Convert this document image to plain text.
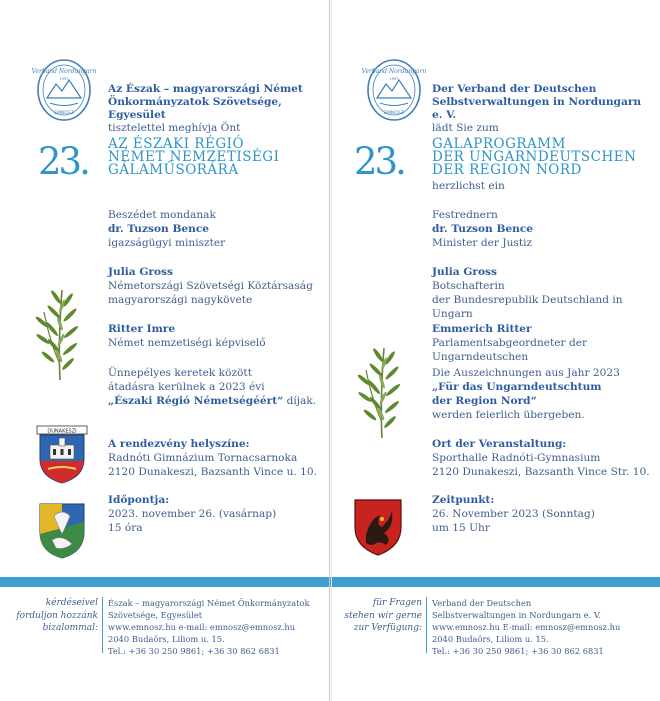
Verband Nordungarn
1997
EMNOSZ
Az Észak – magyarországi Német Önkormányzatok Szövetsége, Egyesület
tisztelettel meghívja Önt
23. AZ ÉSZAKI RÉGIÓ
NÉMET NEMZETISÉGI
GÁLAMŰSORÁRA
Beszédet mondanak
dr. Tuzson Bence
igazságügyi miniszter
Julia Gross
Németországi Szövetségi Köztársaság
magyarországi nagykövete
Ritter Imre
Német nemzetiségi képviselő
Ünnepélyes keretek között
átadásra kerülnek a 2023 évi
„Északi Régió Németségéért“ díjak.
DUNAKESZI
A rendezvény helyszíne:
Radnóti Gimnázium Tornacsarnoka
2120 Dunakeszi, Bazsanth Vince u. 10.
Időpontja:
2023. november 26. (vasárnap)
15 óra
kérdéseivel
forduljon hozzánk
bizalommal:
Észak – magyarországi Német Önkormányzatok
Szövetsége, Egyesület
www.emnosz.hu e-mail: emnosz@emnosz.hu
2040 Budaörs, Liliom u. 15.
Tel.: +36 30 250 9861; +36 30 862 6831
Verband Nordungarn
1997
EMNOSZ
Der Verband der Deutschen Selbstverwaltungen in Nordungarn e. V.
lädt Sie zum
23. GALAPROGRAMM
DER UNGARNDEUTSCHEN
DER REGION NORD
herzlichst ein
Festrednern
dr. Tuzson Bence
Minister der Justiz
Julia Gross
Botschafterin
der Bundesrepublik Deutschland in Ungarn
Emmerich Ritter
Parlamentsabgeordneter der Ungarndeutschen
Die Auszeichnungen aus Jahr 2023
„Für das Ungarndeutschtum
der Region Nord“
werden feierlich übergeben.
Ort der Veranstaltung:
Sporthalle Radnóti-Gymnasium
2120 Dunakeszi, Bazsanth Vince Str. 10.
Zeitpunkt:
26. November 2023 (Sonntag)
um 15 Uhr
für Fragen
stehen wir gerne
zur Verfügung:
Verband der Deutschen
Selbstverwaltungen in Nordungarn e. V.
www.emnosz.hu E-mail: emnosz@emnosz.hu
2040 Budaörs, Liliom u. 15.
Tel.: +36 30 250 9861; +36 30 862 6831
